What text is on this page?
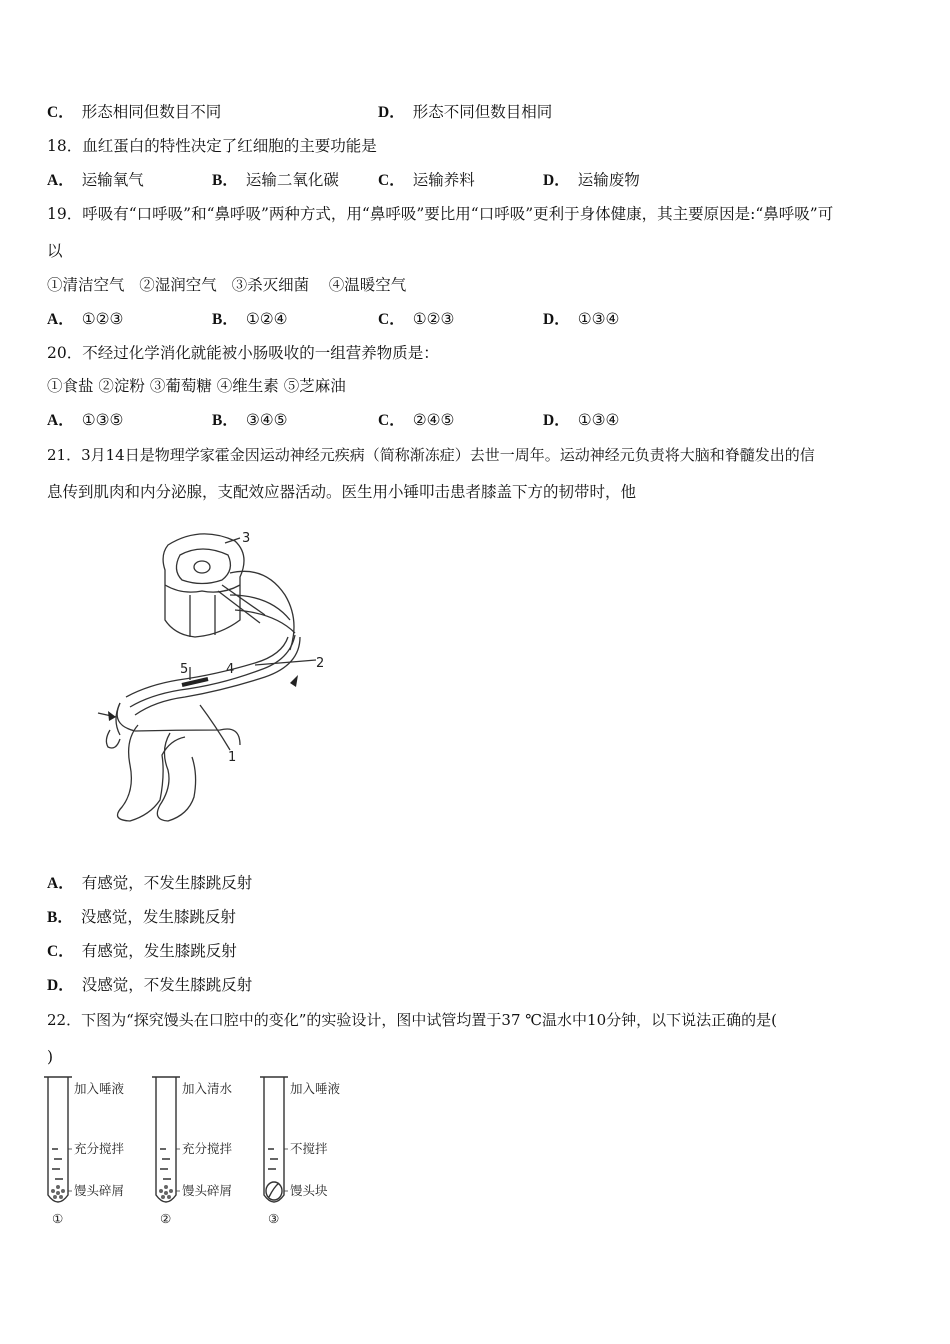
C． 形态相同但数目不同	D． 形态不同但数目相同
18．血红蛋白的特性决定了红细胞的主要功能是
A． 运输氧气	B． 运输二氧化碳	C． 运输养料	D． 运输废物
19．呼吸有“口呼吸”和“鼻呼吸”两种方式，用“鼻呼吸”要比用“口呼吸”更利于身体健康，其主要原因是:“鼻呼吸”可
以
①清洁空气   ②湿润空气   ③杀灭细菌    ④温暖空气
A． ①②③	B． ①②④	C． ①②③	D． ①③④
20．不经过化学消化就能被小肠吸收的一组营养物质是：
①食盐 ②淀粉 ③葡萄糖 ④维生素 ⑤芝麻油
A． ①③⑤	B． ③④⑤	C． ②④⑤	D． ①③④
21．3月14日是物理学家霍金因运动神经元疾病（简称渐冻症）去世一周年。运动神经元负责将大脑和脊髓发出的信
息传到肌肉和内分泌腺，支配效应器活动。医生用小锤叩击患者膝盖下方的韧带时，他
3
2
5	4
1
A． 有感觉，不发生膝跳反射
B． 没感觉，发生膝跳反射
C． 有感觉，发生膝跳反射
D． 没感觉，不发生膝跳反射
22．下图为“探究馒头在口腔中的变化”的实验设计，图中试管均置于37 ℃温水中10分钟，以下说法正确的是(
)
加入唾液
充分搅拌
馒头碎屑
①
加入清水
充分搅拌
馒头碎屑
②
加入唾液
不搅拌
馒头块
③
